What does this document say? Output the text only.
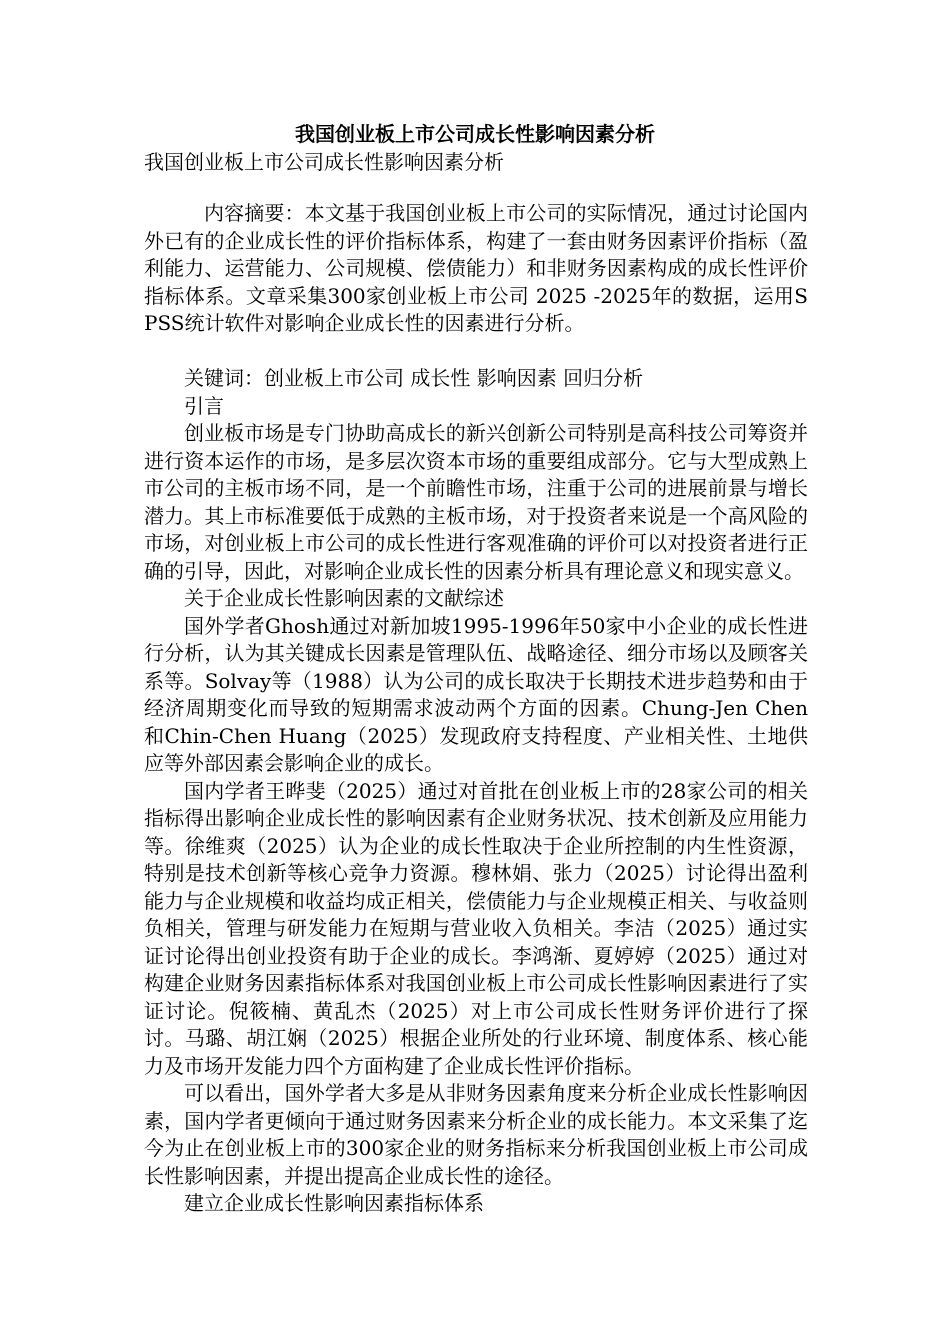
我国创业板上市公司成长性影响因素分析
我国创业板上市公司成长性影响因素分析

内容摘要：本文基于我国创业板上市公司的实际情况，通过讨论国内外已有的企业成长性的评价指标体系，构建了一套由财务因素评价指标（盈利能力、运营能力、公司规模、偿债能力）和非财务因素构成的成长性评价指标体系。文章采集300家创业板上市公司 2025 -2025年的数据，运用SPSS统计软件对影响企业成长性的因素进行分析。

关键词：创业板上市公司 成长性 影响因素 回归分析

引言

创业板市场是专门协助高成长的新兴创新公司特别是高科技公司筹资并进行资本运作的市场，是多层次资本市场的重要组成部分。它与大型成熟上市公司的主板市场不同，是一个前瞻性市场，注重于公司的进展前景与增长潜力。其上市标准要低于成熟的主板市场，对于投资者来说是一个高风险的市场，对创业板上市公司的成长性进行客观准确的评价可以对投资者进行正确的引导，因此，对影响企业成长性的因素分析具有理论意义和现实意义。

关于企业成长性影响因素的文献综述

国外学者Ghosh通过对新加坡1995-1996年50家中小企业的成长性进行分析，认为其关键成长因素是管理队伍、战略途径、细分市场以及顾客关系等。Solvay等（1988）认为公司的成长取决于长期技术进步趋势和由于经济周期变化而导致的短期需求波动两个方面的因素。Chung-Jen Chen和Chin-Chen Huang（2025）发现政府支持程度、产业相关性、土地供应等外部因素会影响企业的成长。

国内学者王晔斐（2025）通过对首批在创业板上市的28家公司的相关指标得出影响企业成长性的影响因素有企业财务状况、技术创新及应用能力等。徐维爽（2025）认为企业的成长性取决于企业所控制的内生性资源，特别是技术创新等核心竞争力资源。穆林娟、张力（2025）讨论得出盈利能力与企业规模和收益均成正相关，偿债能力与企业规模正相关、与收益则负相关，管理与研发能力在短期与营业收入负相关。李洁（2025）通过实证讨论得出创业投资有助于企业的成长。李鸿渐、夏婷婷（2025）通过对构建企业财务因素指标体系对我国创业板上市公司成长性影响因素进行了实证讨论。倪筱楠、黄乱杰（2025）对上市公司成长性财务评价进行了探讨。马璐、胡江娴（2025）根据企业所处的行业环境、制度体系、核心能力及市场开发能力四个方面构建了企业成长性评价指标。

可以看出，国外学者大多是从非财务因素角度来分析企业成长性影响因素，国内学者更倾向于通过财务因素来分析企业的成长能力。本文采集了迄今为止在创业板上市的300家企业的财务指标来分析我国创业板上市公司成长性影响因素，并提出提高企业成长性的途径。

建立企业成长性影响因素指标体系
